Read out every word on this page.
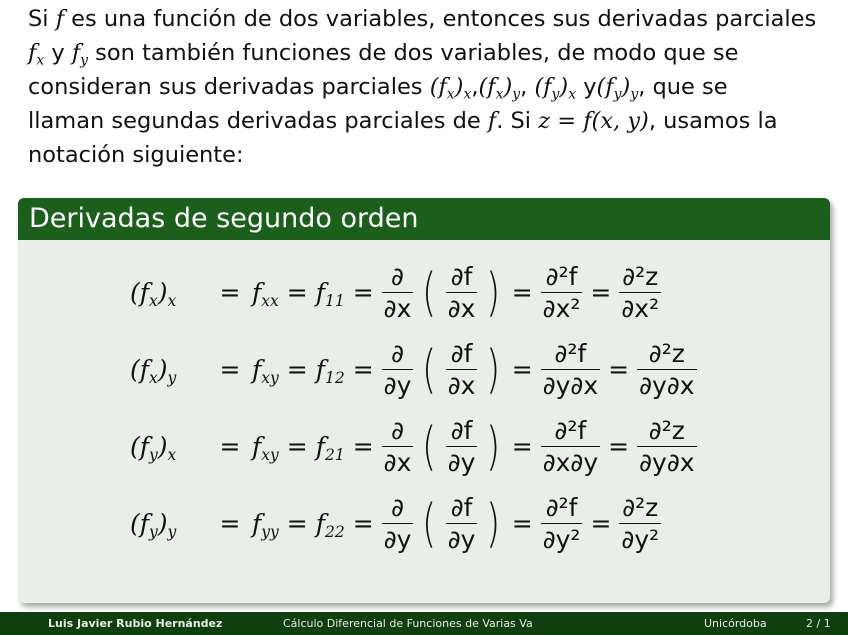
Si f es una función de dos variables, entonces sus derivadas parciales
$f_x$ y $f_y$ son también funciones de dos variables, de modo que se
consideran sus derivadas parciales $(f_x)_x,(f_x)_y$, $(f_y)_x$ $y(f_y)_y$, que se
llaman segundas derivadas parciales de f. Si z = f(x, y), usamos la
notación siguiente:
Derivadas de segundo orden
$(f_x)_x$	= $f_{xx} = f_{11} = \frac{\partial}{\partial x}$ ( $\frac{\partial f}{\partial x}$ ) = $\frac{\text{∂²f}}{\text{∂x²}} = \frac{\text{∂²z}}{\text{∂x²}}$
$(f_x)_y$	= $f_{xy} = f_{12} = \frac{\partial}{\partial y}$ ( $\frac{\partial f}{\partial x}$ ) = $\frac{\text{∂²f}}{\partial y\partial x} = \frac{\text{∂²z}}{\partial y\partial x}$
$(f_y)_x$	= $f_{xy} = f_{21} = \frac{\partial}{\partial x}$ ( $\frac{\partial f}{\partial y}$ ) = $\frac{\text{∂²f}}{\partial x\partial y} = \frac{\text{∂²z}}{\partial y\partial x}$
$(f_y)_y$	= $f_{yy} = f_{22} = \frac{\partial}{\partial y}$ ( $\frac{\partial f}{\partial y}$ ) = $\frac{\text{∂²f}}{\text{∂y²}} = \frac{\text{∂²z}}{\text{∂y²}}$
Luis Javier Rubio Hernández	Cálculo Diferencial de Funciones de Varias Va	Unicórdoba	2 / 1
